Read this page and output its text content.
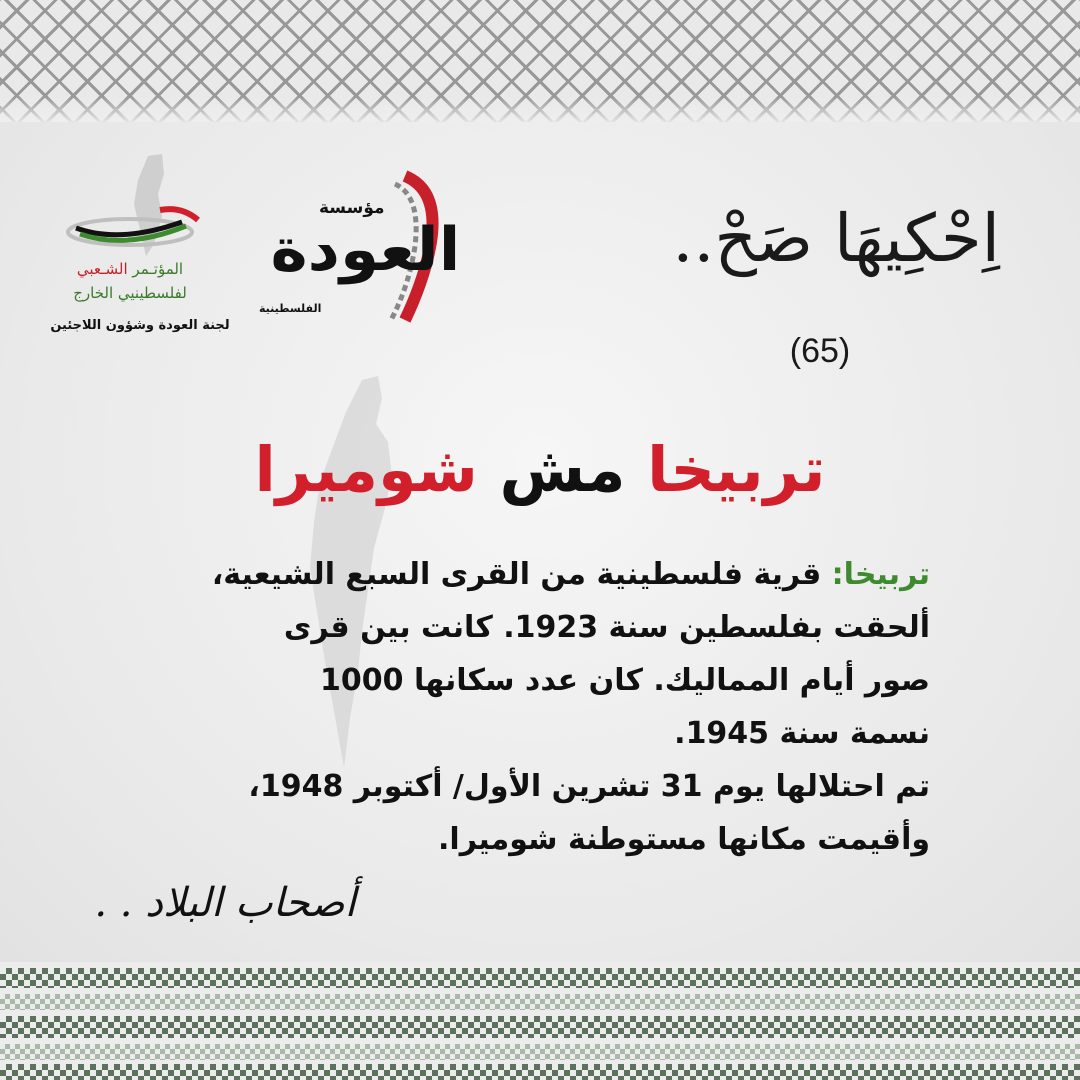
المؤتـمر الشـعبي
لفلسطينيي الخارج
لجنة العودة وشؤون اللاجئين
مؤسسة
العودة
الفلسطينية
اِحْكِيهَا صَحْ..
(65)
تربيخا مش شوميرا

تربيخا: قرية فلسطينية من القرى السبع الشيعية،

ألحقت بفلسطين سنة 1923. كانت بين قرى

صور أيام المماليك. كان عدد سكانها 1000

نسمة سنة 1945.

تم احتلالها يوم 31 تشرين الأول/ أكتوبر 1948،

وأقيمت مكانها مستوطنة شوميرا.

أصحاب البلاد . .
